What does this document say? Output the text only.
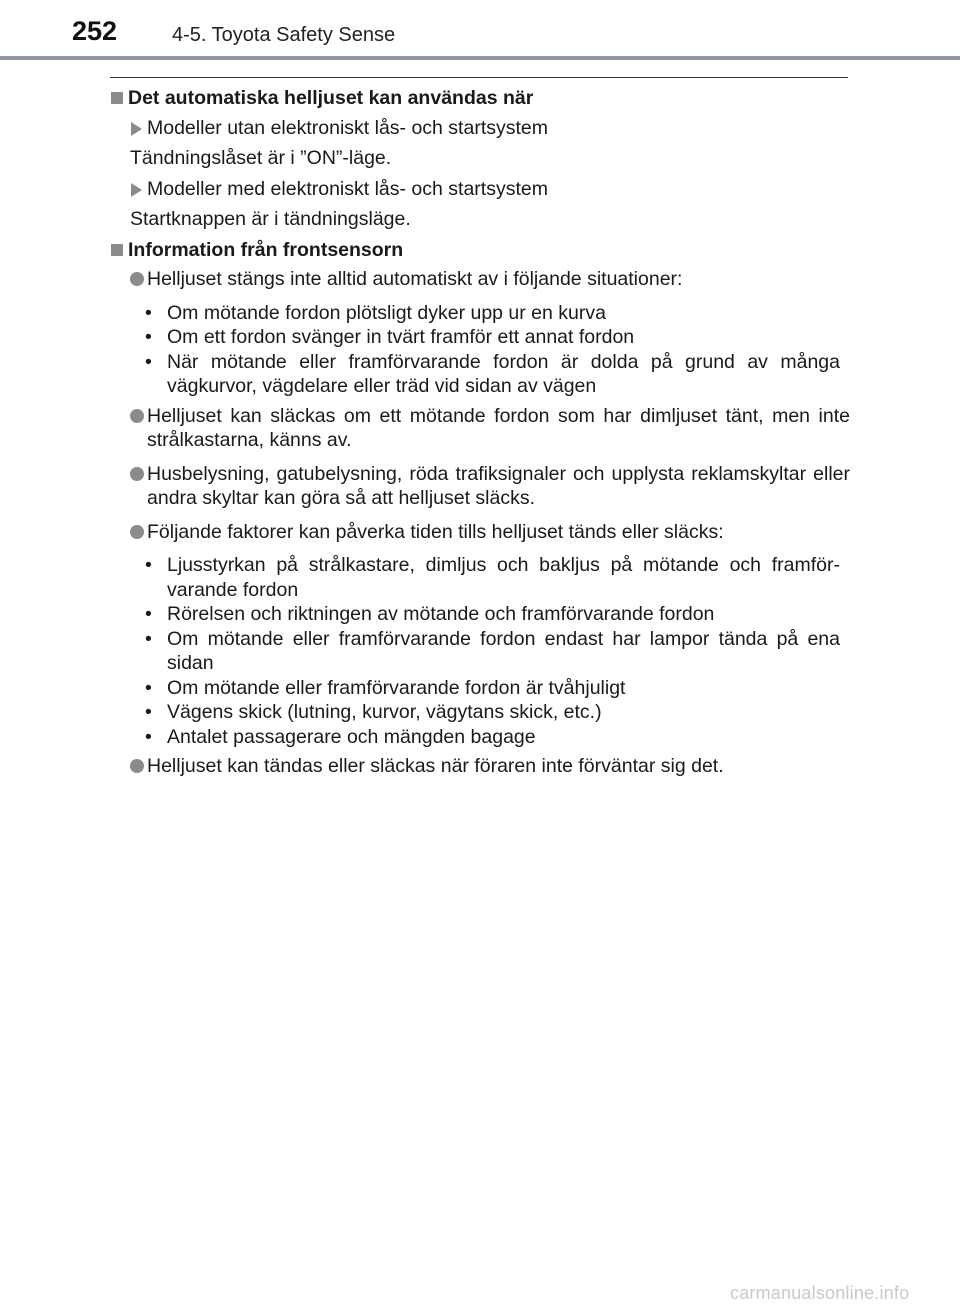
252	4-5. Toyota Safety Sense
Det automatiska helljuset kan användas när
Modeller utan elektroniskt lås- och startsystem
Tändningslåset är i ”ON”-läge.
Modeller med elektroniskt lås- och startsystem
Startknappen är i tändningsläge.
Information från frontsensorn
Helljuset stängs inte alltid automatiskt av i följande situationer:
• Om mötande fordon plötsligt dyker upp ur en kurva
• Om ett fordon svänger in tvärt framför ett annat fordon
• När mötande eller framförvarande fordon är dolda på grund av många vägkurvor, vägdelare eller träd vid sidan av vägen
Helljuset kan släckas om ett mötande fordon som har dimljuset tänt, men inte strålkastarna, känns av.
Husbelysning, gatubelysning, röda trafiksignaler och upplysta reklamskyltar eller andra skyltar kan göra så att helljuset släcks.
Följande faktorer kan påverka tiden tills helljuset tänds eller släcks:
• Ljusstyrkan på strålkastare, dimljus och bakljus på mötande och framför-varande fordon
• Rörelsen och riktningen av mötande och framförvarande fordon
• Om mötande eller framförvarande fordon endast har lampor tända på ena sidan
• Om mötande eller framförvarande fordon är tvåhjuligt
• Vägens skick (lutning, kurvor, vägytans skick, etc.)
• Antalet passagerare och mängden bagage
Helljuset kan tändas eller släckas när föraren inte förväntar sig det.
carmanualsonline.info
